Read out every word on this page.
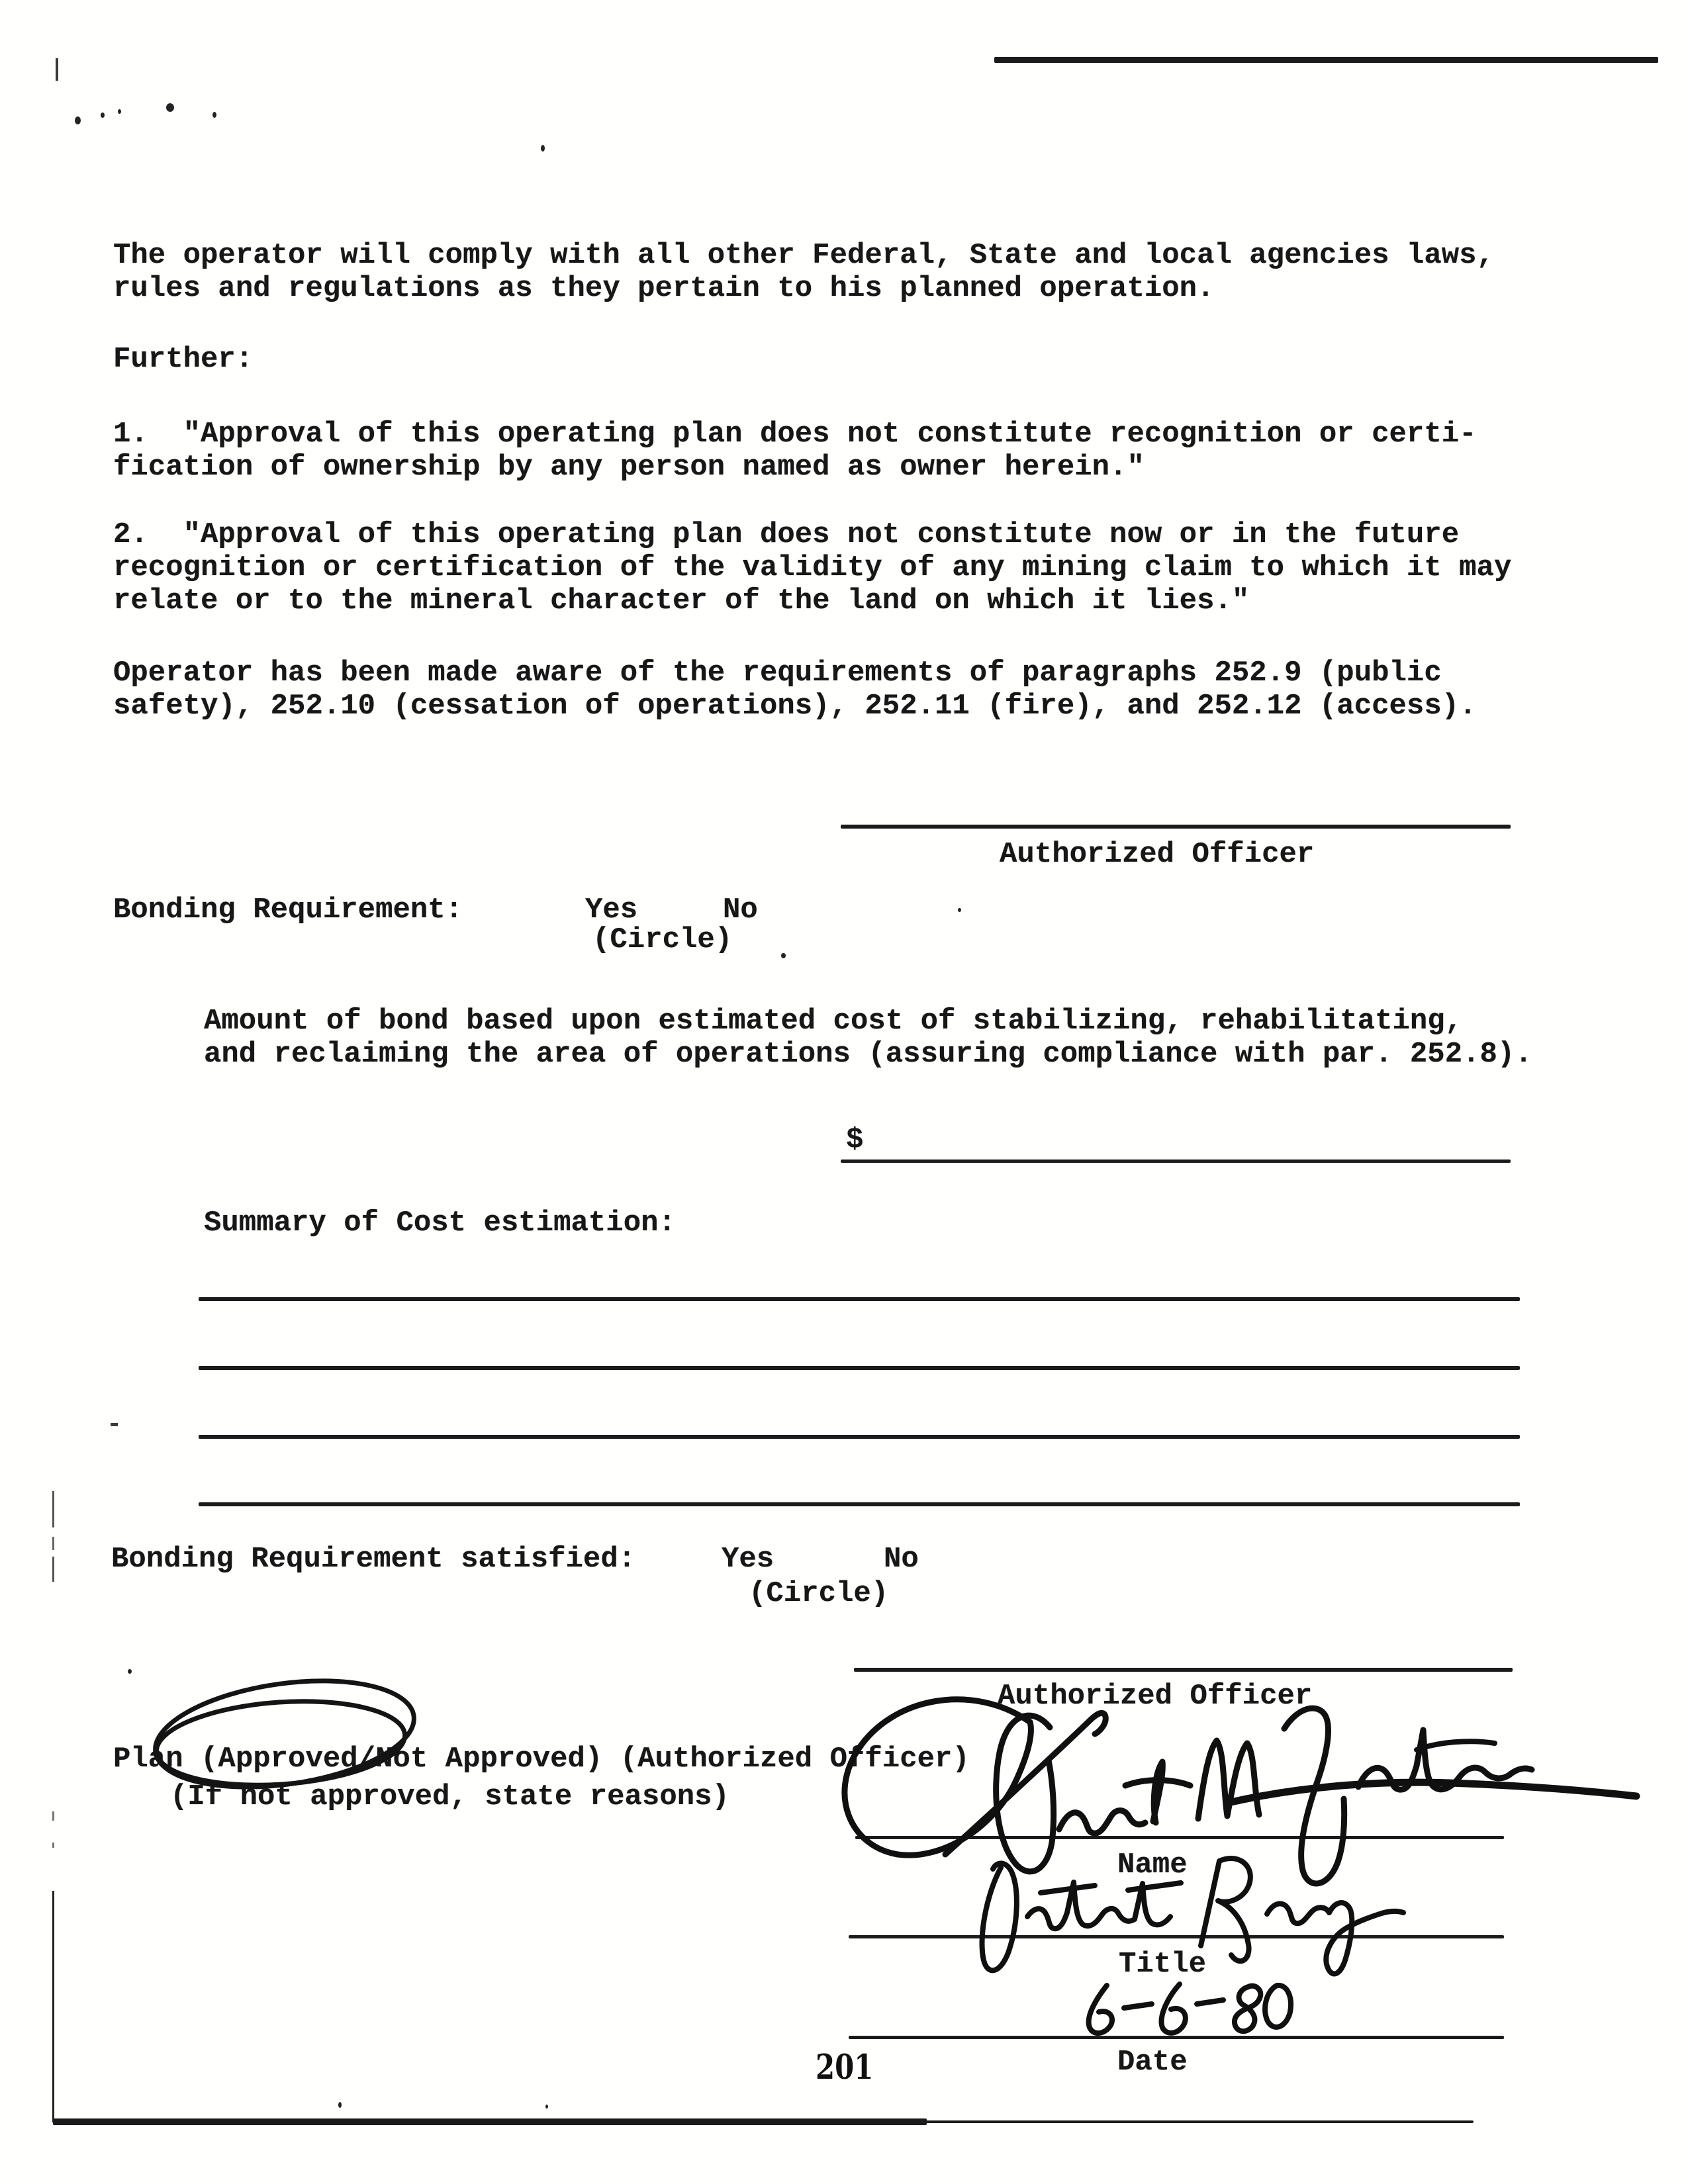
The operator will comply with all other Federal, State and local agencies laws,
rules and regulations as they pertain to his planned operation.
Further:
1.  "Approval of this operating plan does not constitute recognition or certi-
fication of ownership by any person named as owner herein."
2.  "Approval of this operating plan does not constitute now or in the future
recognition or certification of the validity of any mining claim to which it may
relate or to the mineral character of the land on which it lies."
Operator has been made aware of the requirements of paragraphs 252.9 (public
safety), 252.10 (cessation of operations), 252.11 (fire), and 252.12 (access).
Authorized Officer
Bonding Requirement:	Yes	No
(Circle)
Amount of bond based upon estimated cost of stabilizing, rehabilitating,
and reclaiming the area of operations (assuring compliance with par. 252.8).
$
Summary of Cost estimation:
Bonding Requirement satisfied:	Yes	No
(Circle)
Authorized Officer
Plan (Approved/Not Approved) (Authorized Officer)
(If not approved, state reasons)
Name
Title
Date
201
